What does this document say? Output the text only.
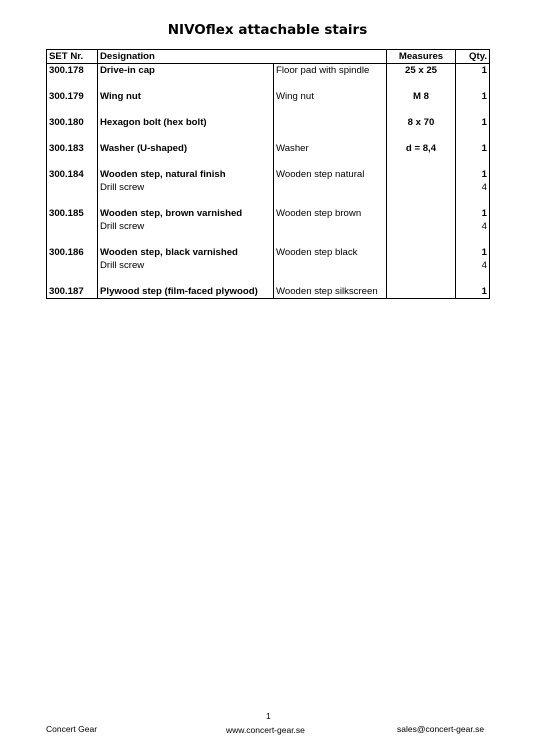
NIVOflex attachable stairs
SET Nr.	Designation		Measures	Qty.
300.178	Drive-in cap	Floor pad with spindle	25 x 25	1

300.179	Wing nut	Wing nut	M 8	1

300.180	Hexagon bolt (hex bolt)		8 x 70	1

300.183	Washer (U-shaped)	Washer	d = 8,4	1

300.184	Wooden step, natural finish	Wooden step natural		1
	Drill screw			4

300.185	Wooden step, brown varnished	Wooden step brown		1
	Drill screw			4

300.186	Wooden step, black varnished	Wooden step black		1
	Drill screw			4

300.187	Plywood step (film-faced plywood)	Wooden step silkscreen		1
1
Concert Gear	www.concert-gear.se	sales@concert-gear.se
